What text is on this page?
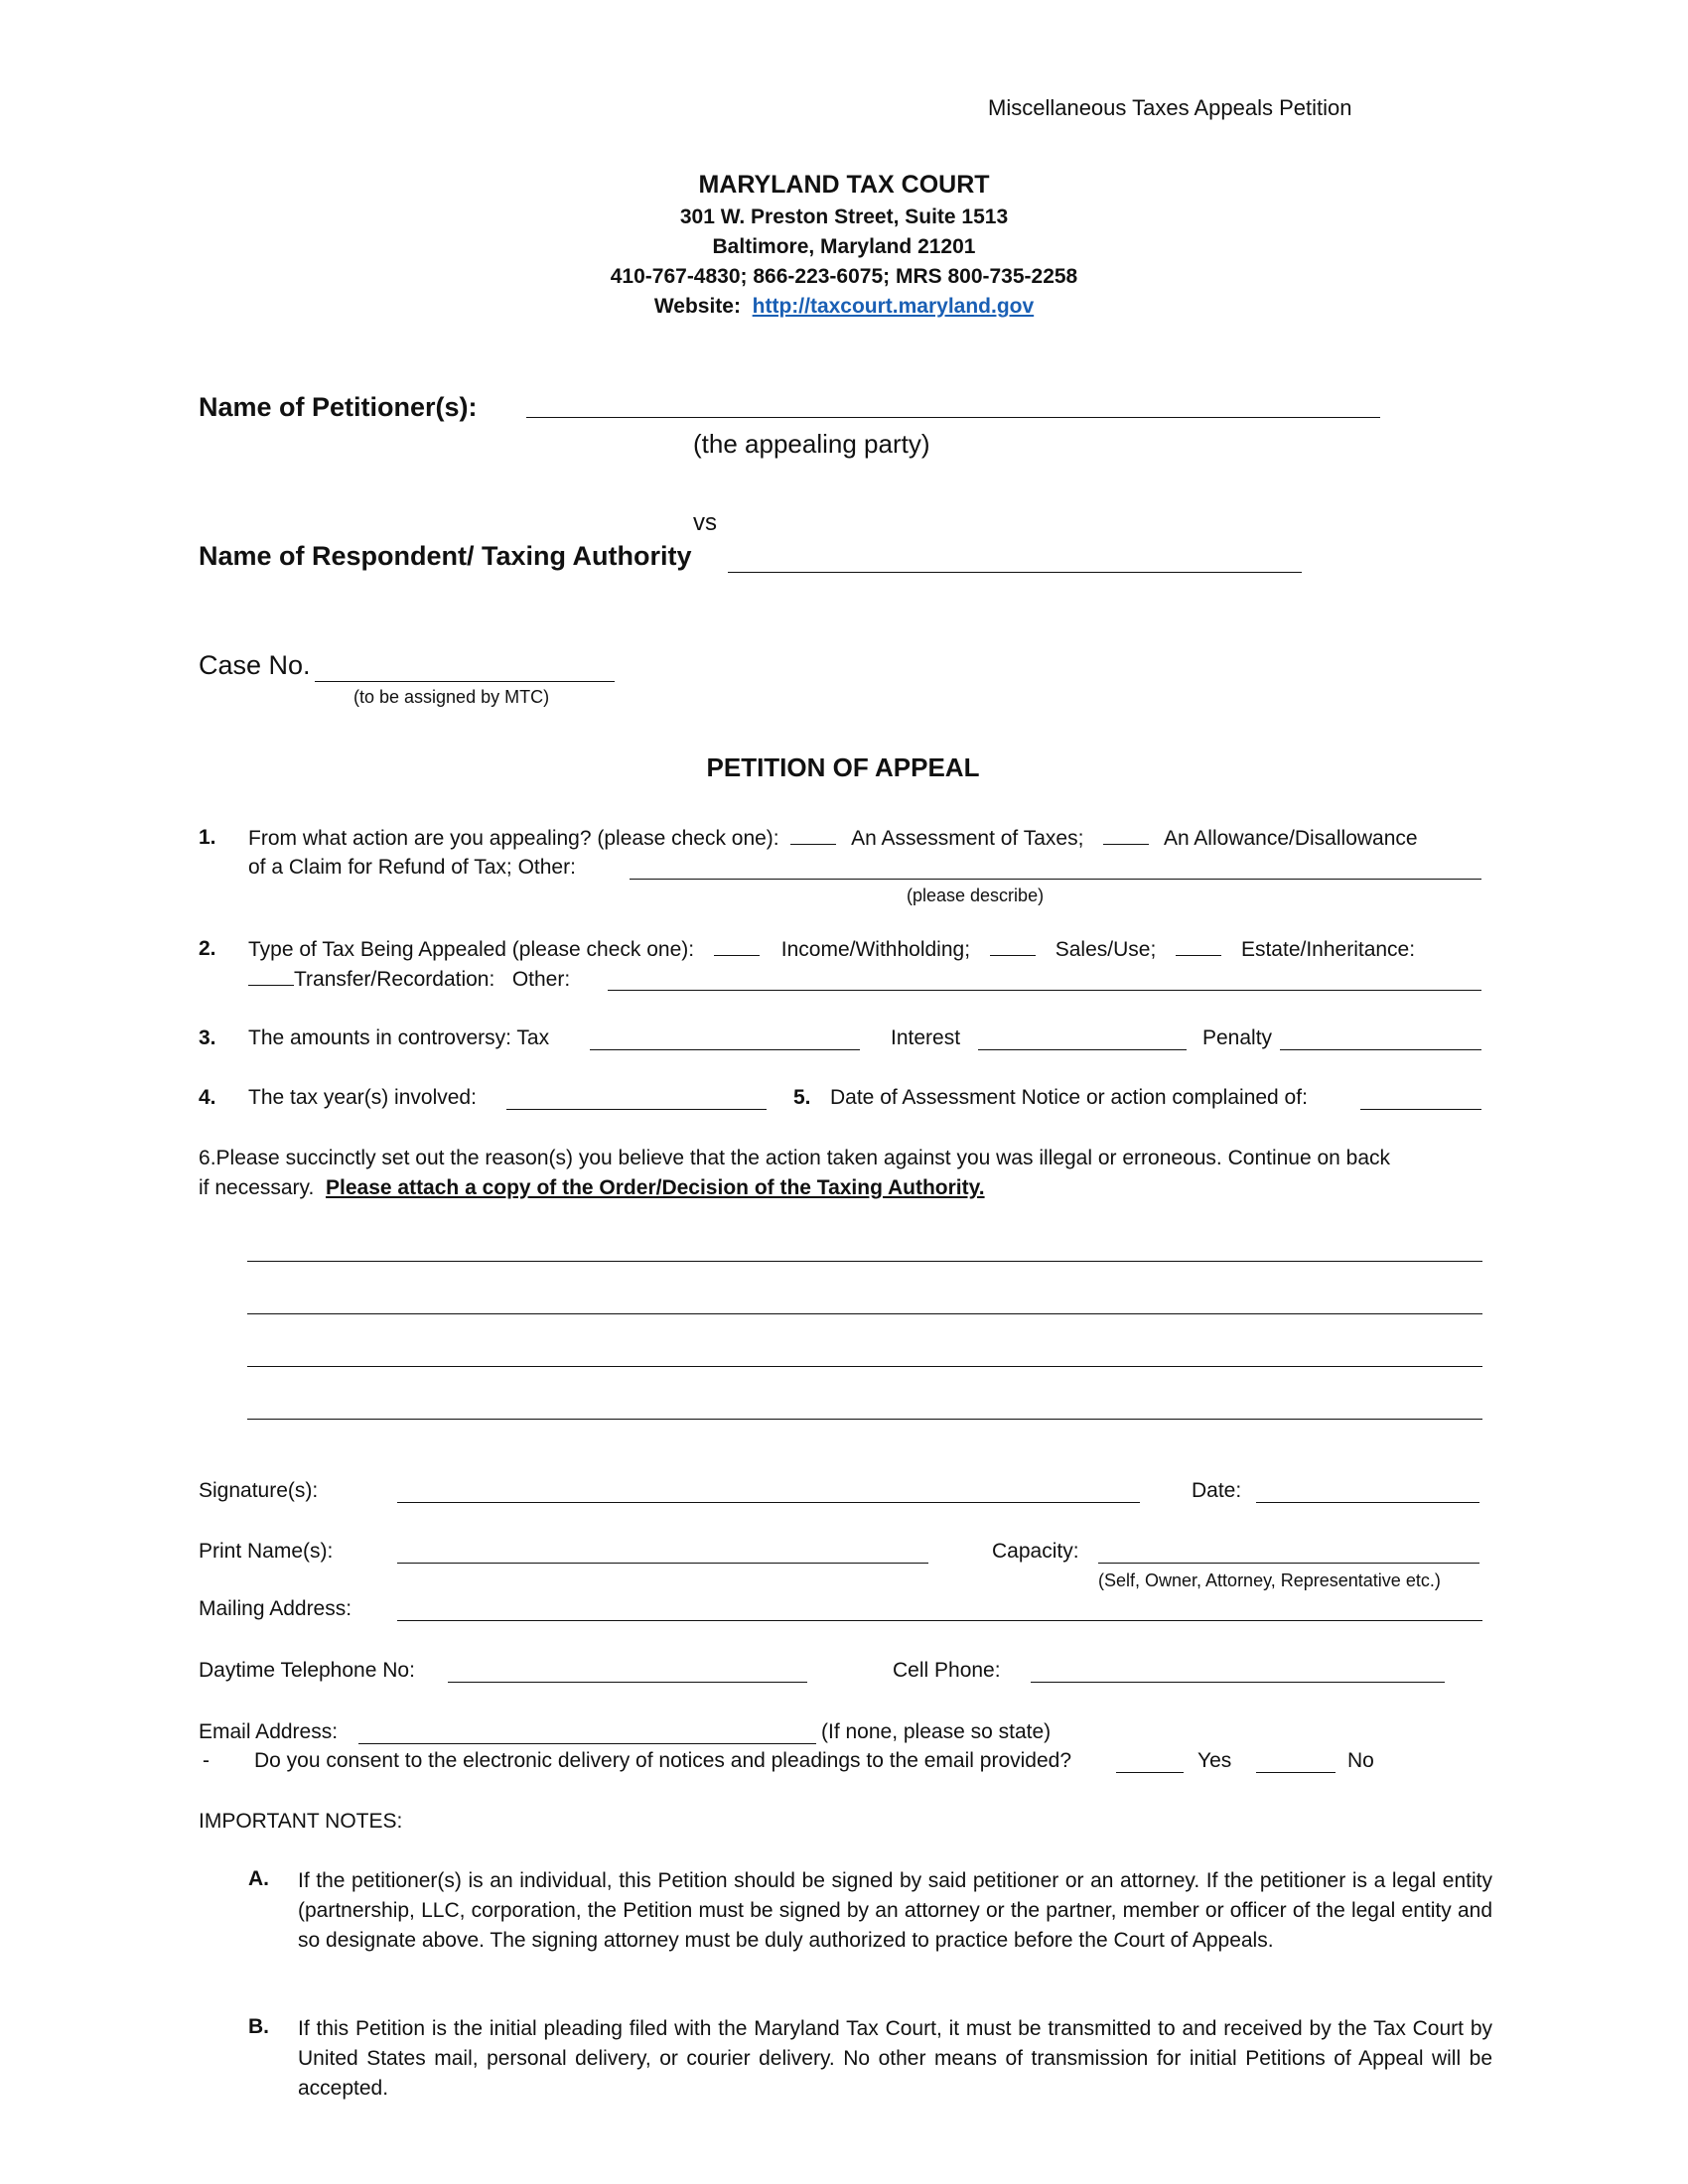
Miscellaneous Taxes Appeals Petition
MARYLAND TAX COURT
301 W. Preston Street, Suite 1513
Baltimore, Maryland 21201
410-767-4830; 866-223-6075; MRS 800-735-2258
Website: http://taxcourt.maryland.gov
Name of Petitioner(s):
(the appealing party)
vs
Name of Respondent/ Taxing Authority
Case No.
(to be assigned by MTC)
PETITION OF APPEAL
1. From what action are you appealing? (please check one):	An Assessment of Taxes;	An Allowance/Disallowance
of a Claim for Refund of Tax; Other:
(please describe)
2. Type of Tax Being Appealed (please check one):	Income/Withholding;	Sales/Use;	Estate/Inheritance:
Transfer/Recordation: Other:
3. The amounts in controversy: Tax	Interest	Penalty
4. The tax year(s) involved:	5. Date of Assessment Notice or action complained of:
6.Please succinctly set out the reason(s) you believe that the action taken against you was illegal or erroneous. Continue on back
if necessary. Please attach a copy of the Order/Decision of the Taxing Authority.
Signature(s):	Date:
Print Name(s):	Capacity:
(Self, Owner, Attorney, Representative etc.)
Mailing Address:
Daytime Telephone No:	Cell Phone:
Email Address:	(If none, please so state)
- Do you consent to the electronic delivery of notices and pleadings to the email provided?	Yes	No
IMPORTANT NOTES:
A. If the petitioner(s) is an individual, this Petition should be signed by said petitioner or an attorney. If the petitioner is a legal entity (partnership, LLC, corporation, the Petition must be signed by an attorney or the partner, member or officer of the legal entity and so designate above. The signing attorney must be duly authorized to practice before the Court of Appeals.
B. If this Petition is the initial pleading filed with the Maryland Tax Court, it must be transmitted to and received by the Tax Court by United States mail, personal delivery, or courier delivery. No other means of transmission for initial Petitions of Appeal will be accepted.
